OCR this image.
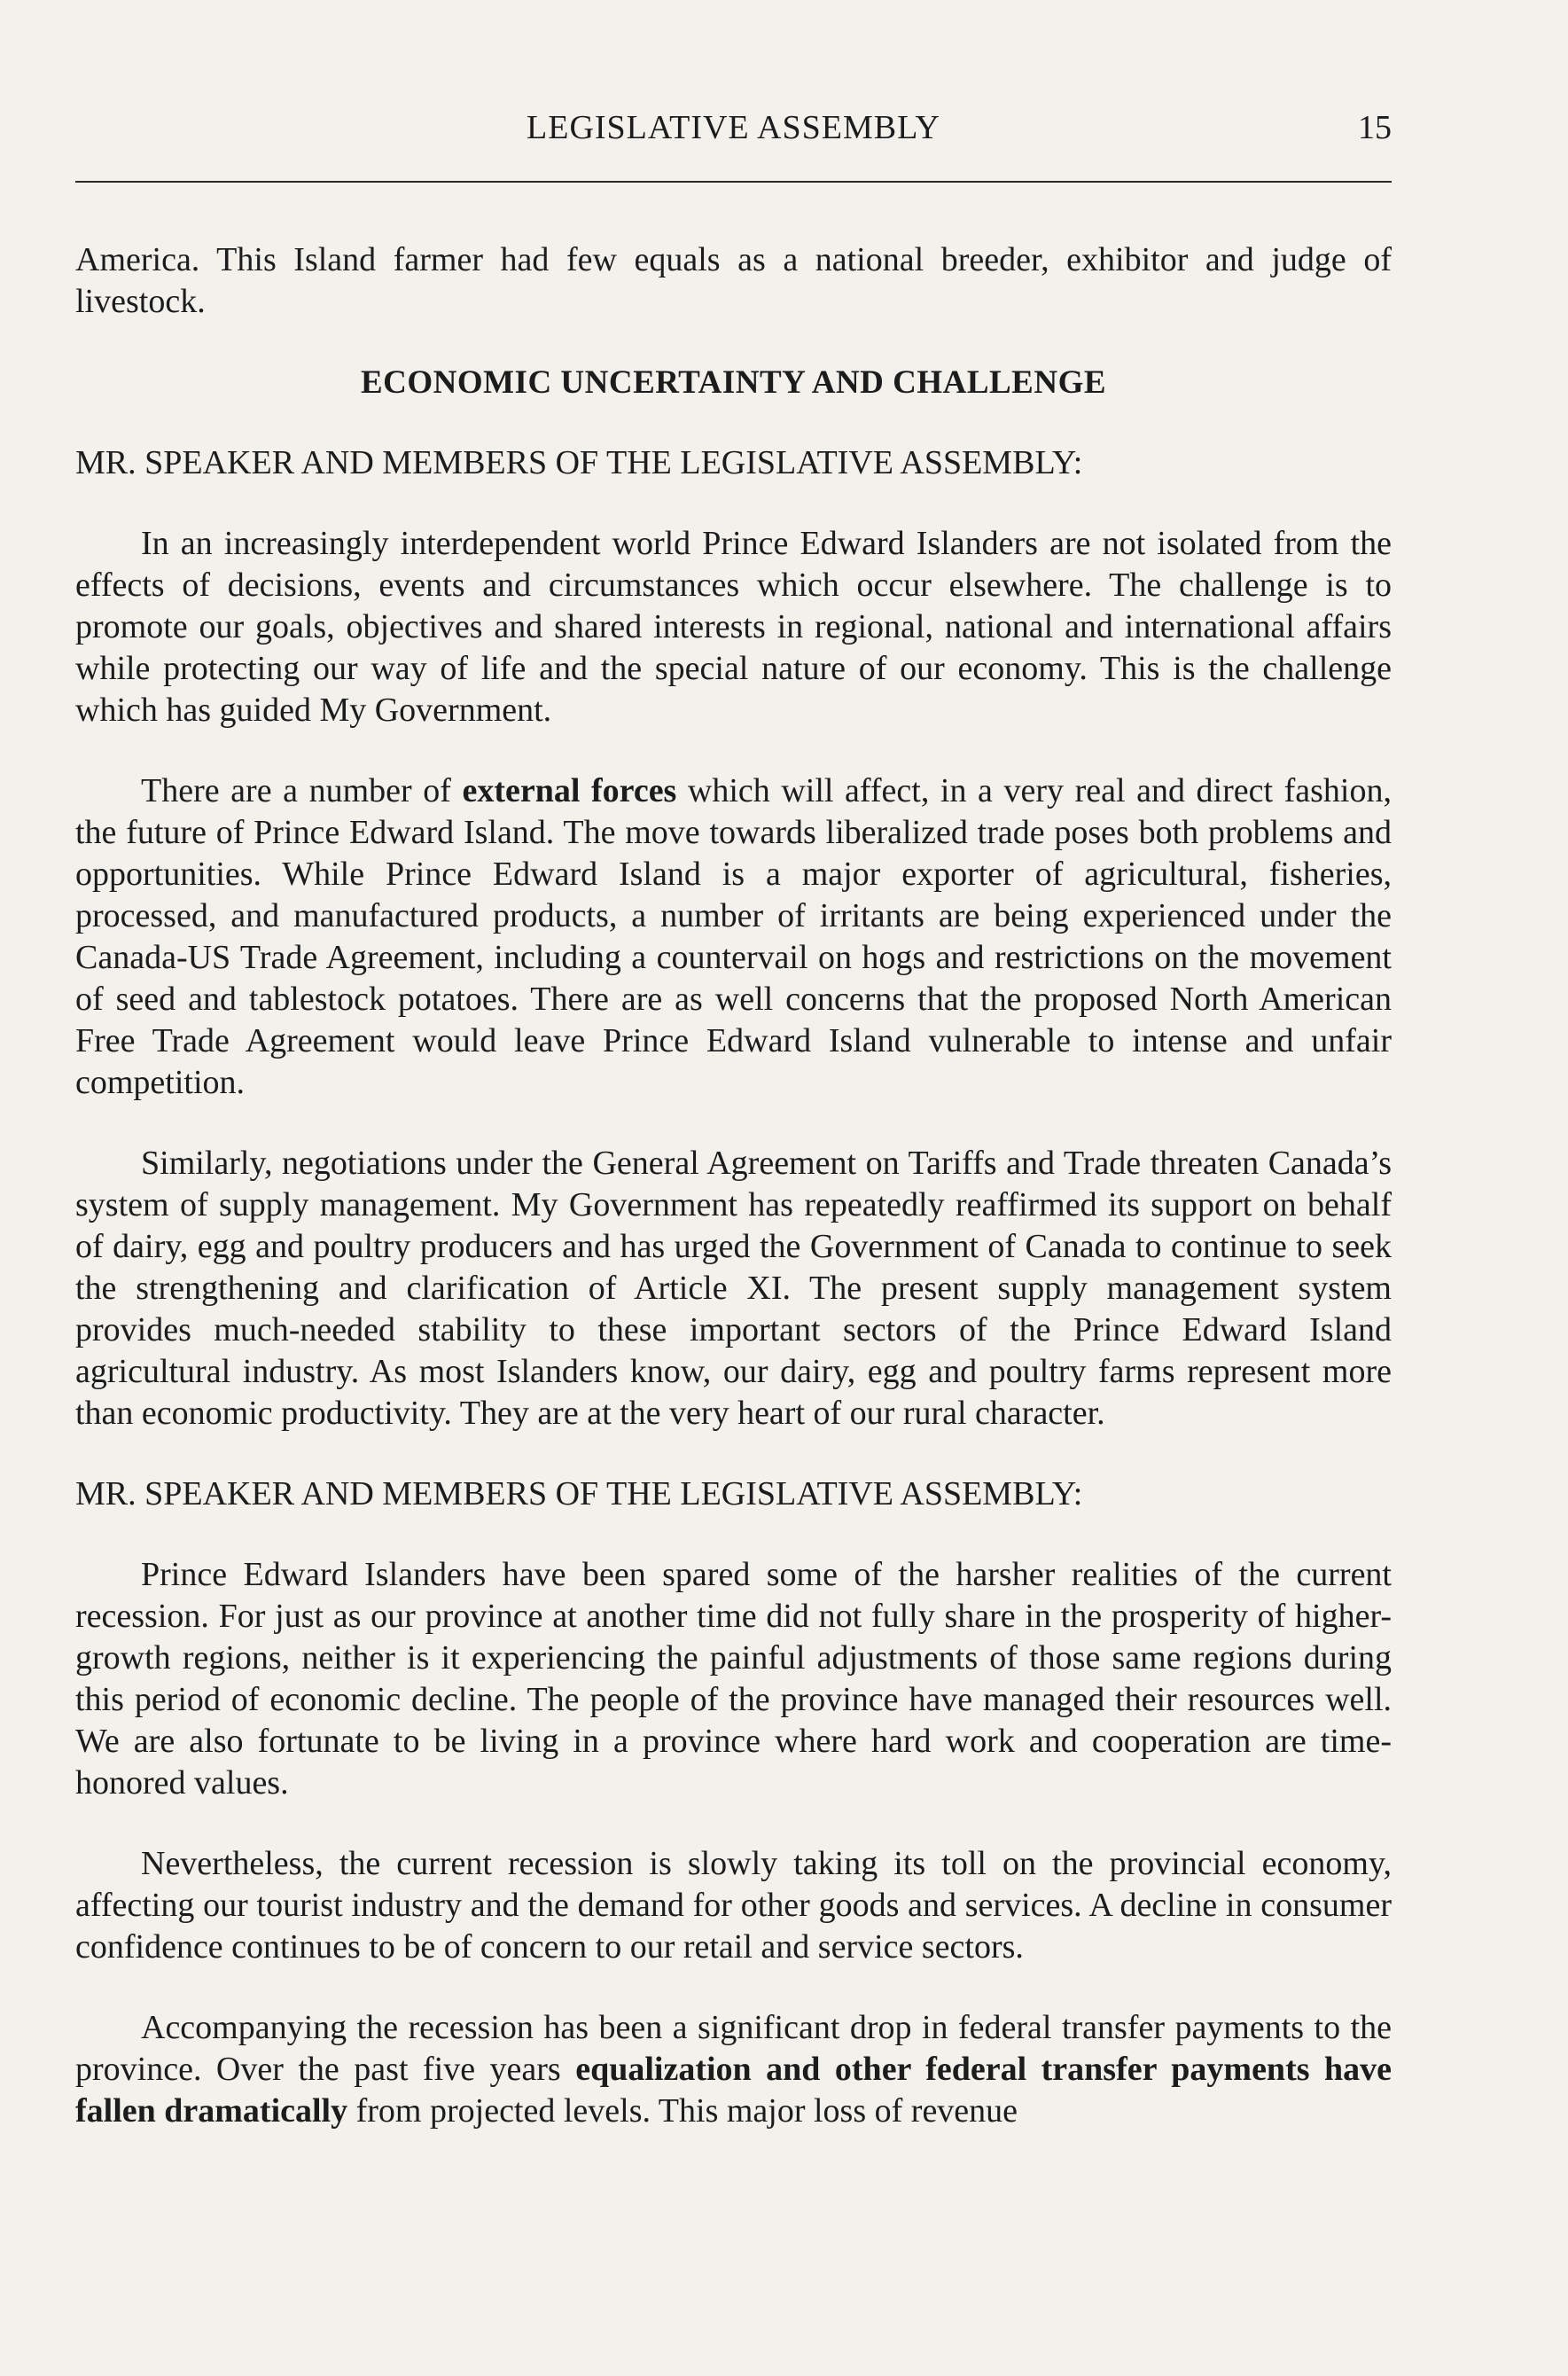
LEGISLATIVE ASSEMBLY	15

America. This Island farmer had few equals as a national breeder, exhibitor and judge of livestock.

ECONOMIC UNCERTAINTY AND CHALLENGE
MR. SPEAKER AND MEMBERS OF THE LEGISLATIVE ASSEMBLY:

In an increasingly interdependent world Prince Edward Islanders are not isolated from the effects of decisions, events and circumstances which occur elsewhere. The challenge is to promote our goals, objectives and shared interests in regional, national and international affairs while protecting our way of life and the special nature of our economy. This is the challenge which has guided My Government.

There are a number of external forces which will affect, in a very real and direct fashion, the future of Prince Edward Island. The move towards liberalized trade poses both problems and opportunities. While Prince Edward Island is a major exporter of agricultural, fisheries, processed, and manufactured products, a number of irritants are being experienced under the Canada-US Trade Agreement, including a countervail on hogs and restrictions on the movement of seed and tablestock potatoes. There are as well concerns that the proposed North American Free Trade Agreement would leave Prince Edward Island vulnerable to intense and unfair competition.

Similarly, negotiations under the General Agreement on Tariffs and Trade threaten Canada’s system of supply management. My Government has repeatedly reaffirmed its support on behalf of dairy, egg and poultry producers and has urged the Government of Canada to continue to seek the strengthening and clarification of Article XI. The present supply management system provides much-needed stability to these important sectors of the Prince Edward Island agricultural industry. As most Islanders know, our dairy, egg and poultry farms represent more than economic productivity. They are at the very heart of our rural character.

MR. SPEAKER AND MEMBERS OF THE LEGISLATIVE ASSEMBLY:

Prince Edward Islanders have been spared some of the harsher realities of the current recession. For just as our province at another time did not fully share in the prosperity of higher-growth regions, neither is it experiencing the painful adjustments of those same regions during this period of economic decline. The people of the province have managed their resources well. We are also fortunate to be living in a province where hard work and cooperation are time-honored values.

Nevertheless, the current recession is slowly taking its toll on the provincial economy, affecting our tourist industry and the demand for other goods and services. A decline in consumer confidence continues to be of concern to our retail and service sectors.

Accompanying the recession has been a significant drop in federal transfer payments to the province. Over the past five years equalization and other federal transfer payments have fallen dramatically from projected levels. This major loss of revenue
